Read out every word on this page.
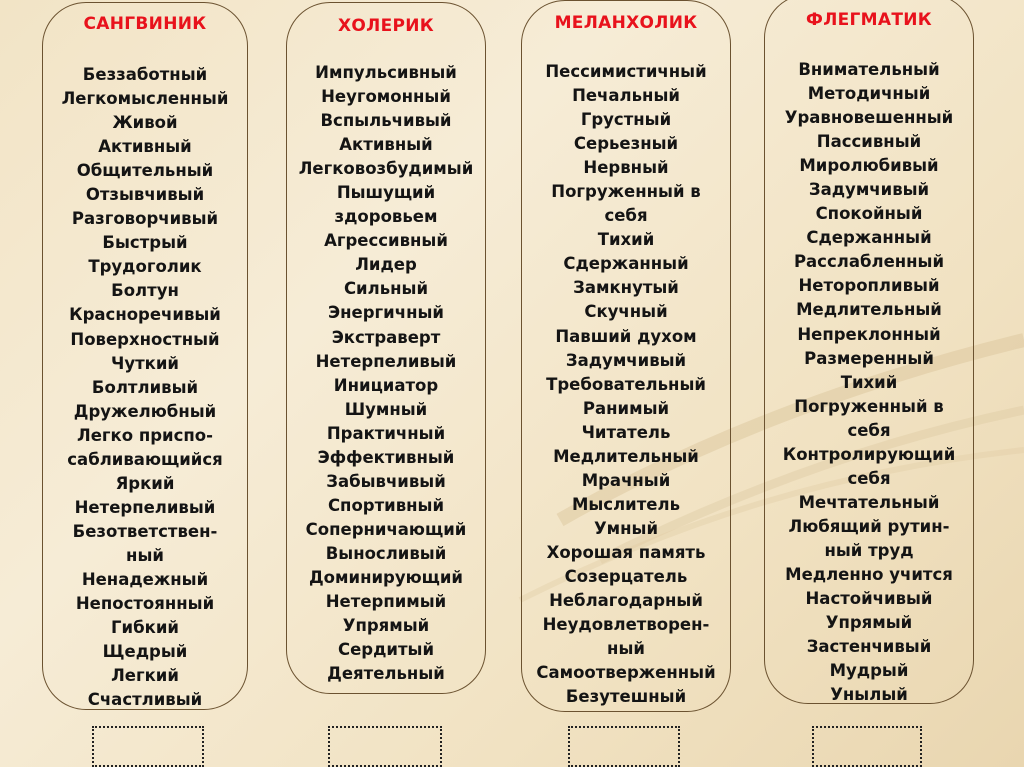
САНГВИНИК
Беззаботный
Легкомысленный
Живой
Активный
Общительный
Отзывчивый
Разговорчивый
Быстрый
Трудоголик
Болтун
Красноречивый
Поверхностный
Чуткий
Болтливый
Дружелюбный
Легко приспо-
сабливающийся
Яркий
Нетерпеливый
Безответствен-
ный
Ненадежный
Непостоянный
Гибкий
Щедрый
Легкий
Счастливый
ХОЛЕРИК
Импульсивный
Неугомонный
Вспыльчивый
Активный
Легковозбудимый
Пышущий
здоровьем
Агрессивный
Лидер
Сильный
Энергичный
Экстраверт
Нетерпеливый
Инициатор
Шумный
Практичный
Эффективный
Забывчивый
Спортивный
Соперничающий
Выносливый
Доминирующий
Нетерпимый
Упрямый
Сердитый
Деятельный
МЕЛАНХОЛИК
Пессимистичный
Печальный
Грустный
Серьезный
Нервный
Погруженный в
себя
Тихий
Сдержанный
Замкнутый
Скучный
Павший духом
Задумчивый
Требовательный
Ранимый
Читатель
Медлительный
Мрачный
Мыслитель
Умный
Хорошая память
Созерцатель
Неблагодарный
Неудовлетворен-
ный
Самоотверженный
Безутешный
ФЛЕГМАТИК
Внимательный
Методичный
Уравновешенный
Пассивный
Миролюбивый
Задумчивый
Спокойный
Сдержанный
Расслабленный
Неторопливый
Медлительный
Непреклонный
Размеренный
Тихий
Погруженный в
себя
Контролирующий
себя
Мечтательный
Любящий рутин-
ный труд
Медленно учится
Настойчивый
Упрямый
Застенчивый
Мудрый
Унылый
